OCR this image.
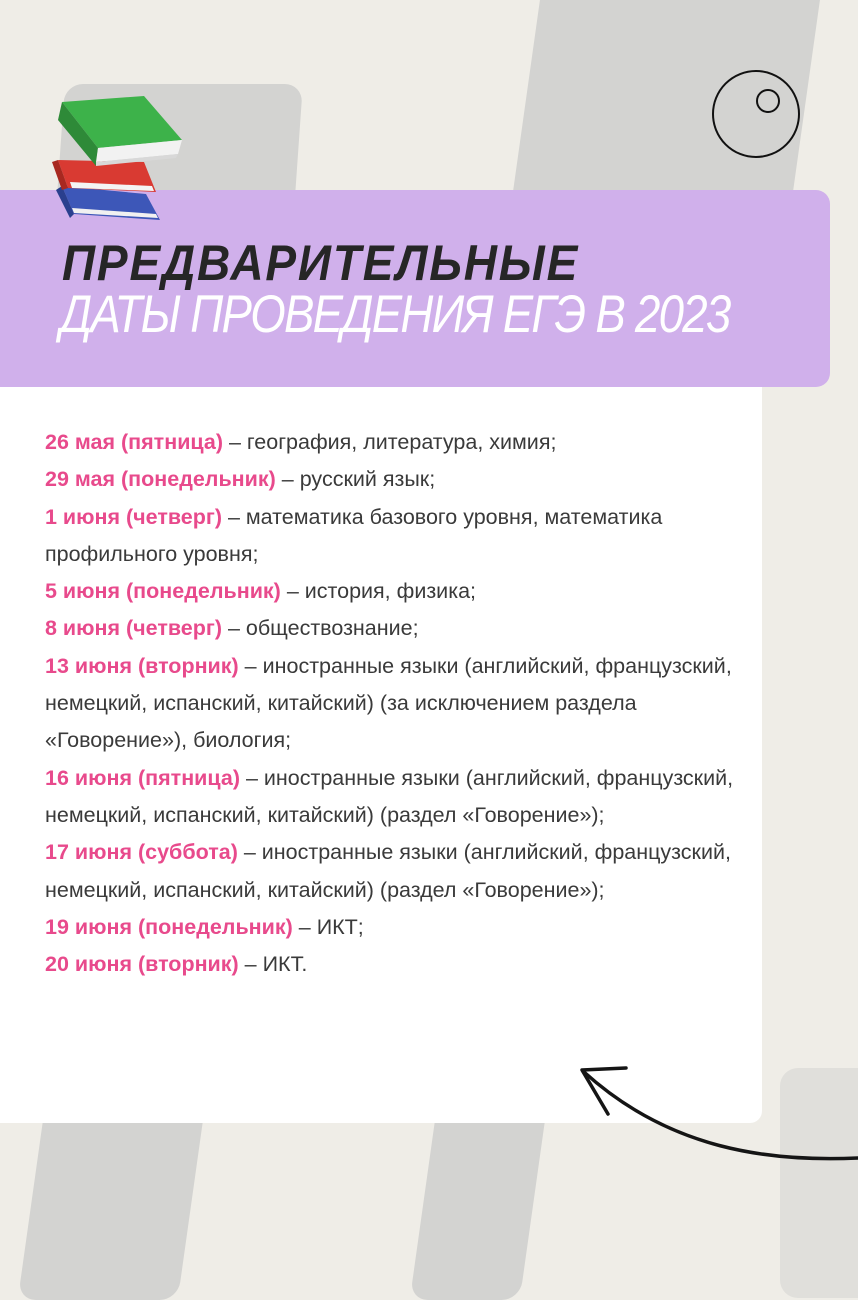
ПРЕДВАРИТЕЛЬНЫЕ
ДАТЫ ПРОВЕДЕНИЯ ЕГЭ В 2023

26 мая (пятница) – география, литература, химия;

29 мая (понедельник) – русский язык;

1 июня (четверг) – математика базового уровня, математика профильного уровня;

5 июня (понедельник) – история, физика;

8 июня (четверг) – обществознание;

13 июня (вторник) – иностранные языки (английский, французский, немецкий, испанский, китайский) (за исключением раздела «Говорение»), биология;

16 июня (пятница) – иностранные языки (английский, французский, немецкий, испанский, китайский) (раздел «Говорение»);

17 июня (суббота) – иностранные языки (английский, французский, немецкий, испанский, китайский) (раздел «Говорение»);

19 июня (понедельник) – ИКТ;

20 июня (вторник) – ИКТ.
